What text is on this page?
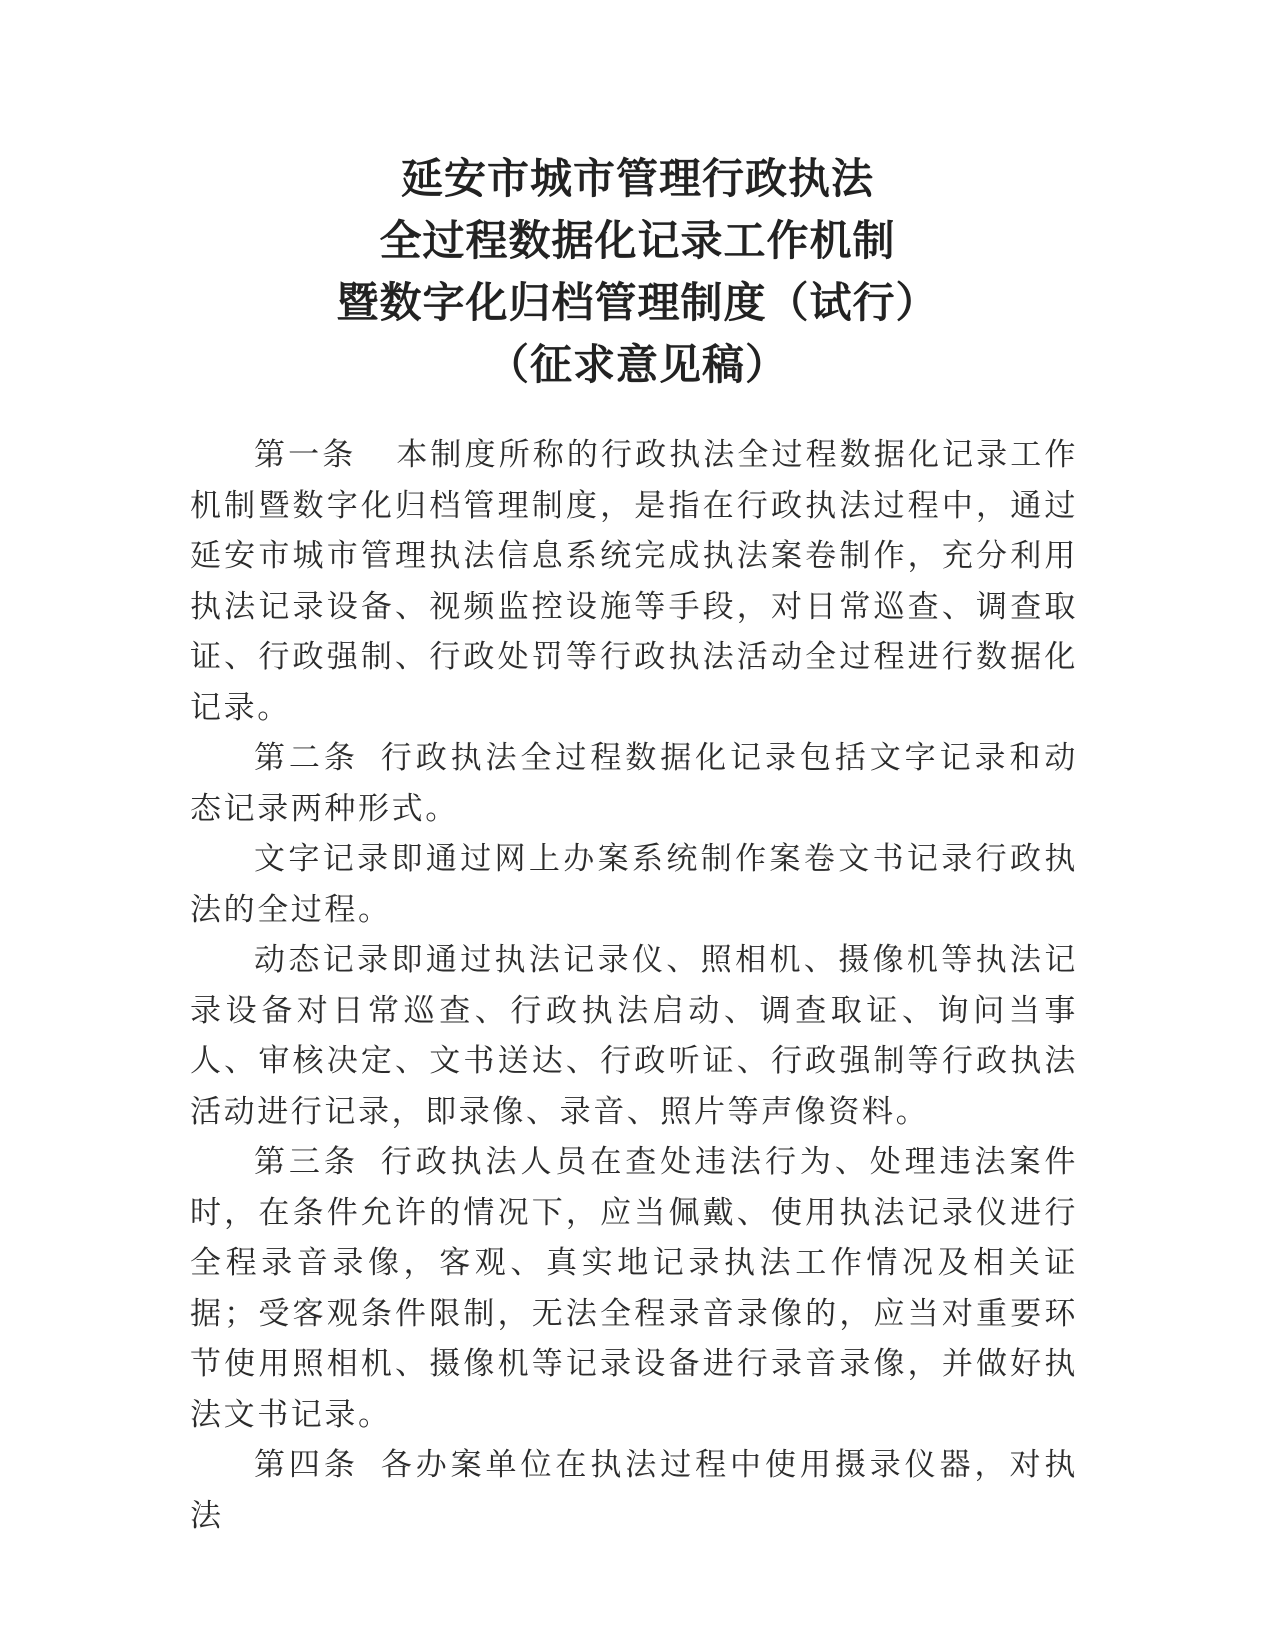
延安市城市管理行政执法
全过程数据化记录工作机制
暨数字化归档管理制度（试行）
（征求意见稿）

第一条 本制度所称的行政执法全过程数据化记录工作机制暨数字化归档管理制度，是指在行政执法过程中，通过延安市城市管理执法信息系统完成执法案卷制作，充分利用执法记录设备、视频监控设施等手段，对日常巡查、调查取证、行政强制、行政处罚等行政执法活动全过程进行数据化记录。

第二条 行政执法全过程数据化记录包括文字记录和动态记录两种形式。

文字记录即通过网上办案系统制作案卷文书记录行政执法的全过程。

动态记录即通过执法记录仪、照相机、摄像机等执法记录设备对日常巡查、行政执法启动、调查取证、询问当事人、审核决定、文书送达、行政听证、行政强制等行政执法活动进行记录，即录像、录音、照片等声像资料。

第三条 行政执法人员在查处违法行为、处理违法案件时，在条件允许的情况下，应当佩戴、使用执法记录仪进行全程录音录像，客观、真实地记录执法工作情况及相关证据；受客观条件限制，无法全程录音录像的，应当对重要环节使用照相机、摄像机等记录设备进行录音录像，并做好执法文书记录。

第四条 各办案单位在执法过程中使用摄录仪器，对执法
